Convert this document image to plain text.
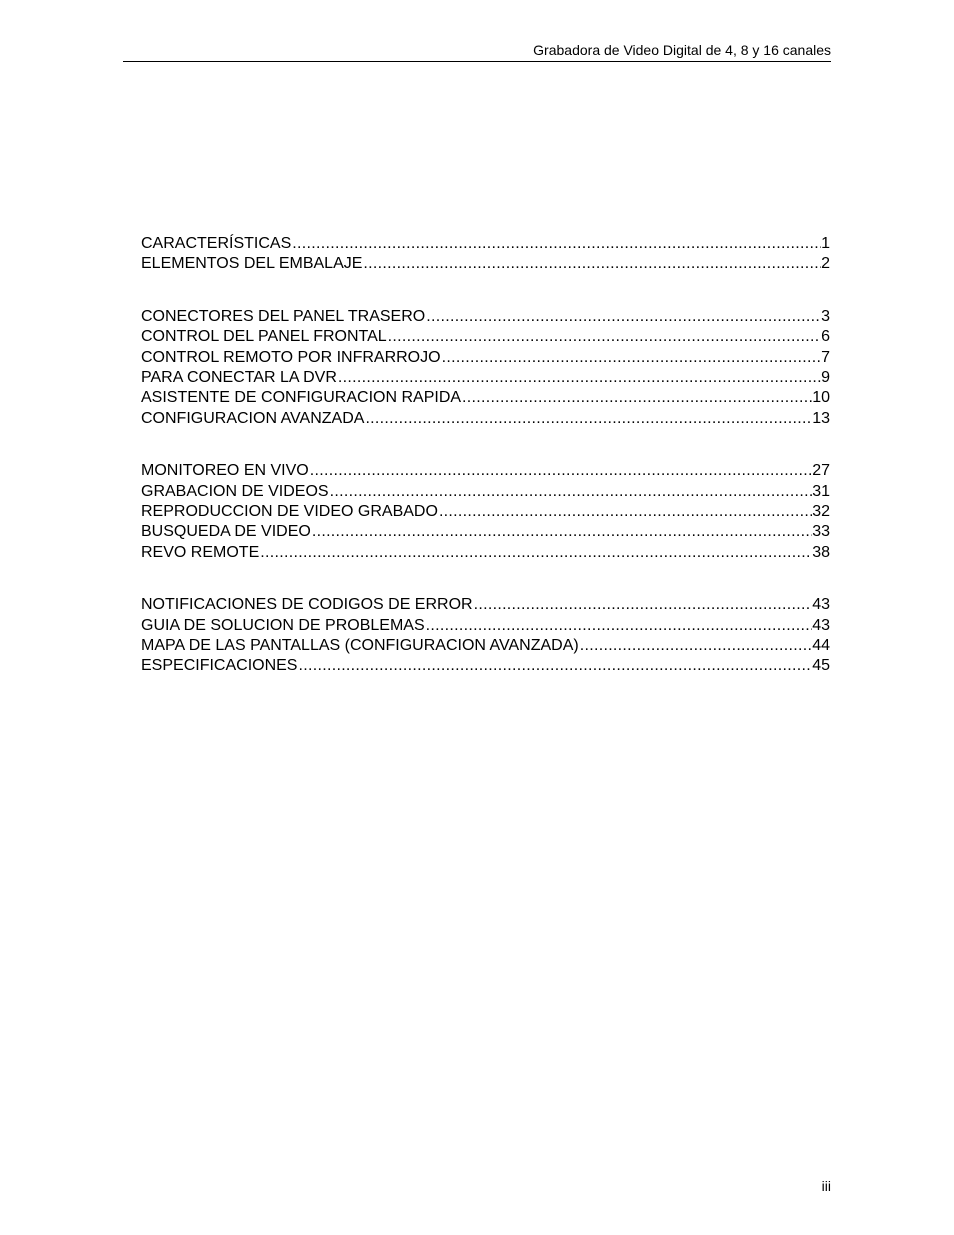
Grabadora de Video Digital de 4, 8 y 16 canales
CARACTERÍSTICAS .....	1
ELEMENTOS DEL EMBALAJE .....	2
CONECTORES DEL PANEL TRASERO .....	3
CONTROL DEL PANEL FRONTAL .....	6
CONTROL REMOTO POR INFRARROJO .....	7
PARA CONECTAR LA DVR .....	9
ASISTENTE DE CONFIGURACION RAPIDA .....	10
CONFIGURACION AVANZADA .....	13
MONITOREO EN VIVO .....	27
GRABACION DE VIDEOS .....	31
REPRODUCCION DE VIDEO GRABADO .....	32
BUSQUEDA DE VIDEO .....	33
REVO REMOTE .....	38
NOTIFICACIONES DE CODIGOS DE ERROR .....	43
GUIA DE SOLUCION DE PROBLEMAS .....	43
MAPA DE LAS PANTALLAS (CONFIGURACION AVANZADA) .....	44
ESPECIFICACIONES .....	45
iii
